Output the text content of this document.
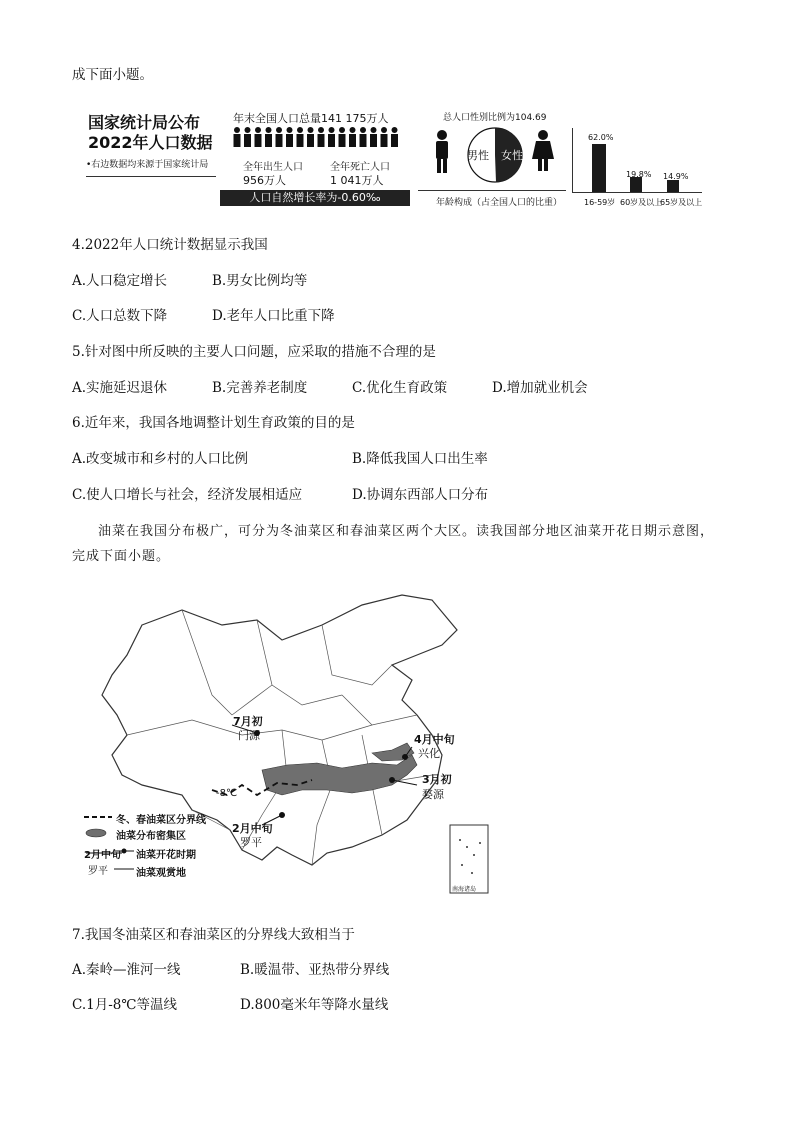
成下面小题。
国家统计局公布
2022年人口数据
•右边数据均来源于国家统计局
年末全国人口总量141 175万人
全年出生人口
956万人
全年死亡人口
1 041万人
人口自然增长率为-0.60‰
总人口性别比例为104.69
男性 女性
年龄构成（占全国人口的比重）	16-59岁 60岁及以上
65岁及以上
62.0%
19.8% 14.9%
4.2022年人口统计数据显示我国
A.人口稳定增长	B.男女比例均等
C.人口总数下降	D.老年人口比重下降
5.针对图中所反映的主要人口问题，应采取的措施不合理的是
A.实施延迟退休	B.完善养老制度	C.优化生育政策	D.增加就业机会
6.近年来，我国各地调整计划生育政策的目的是
A.改变城市和乡村的人口比例	B.降低我国人口出生率
C.使人口增长与社会，经济发展相适应	D.协调东西部人口分布
油菜在我国分布极广，可分为冬油菜区和春油菜区两个大区。读我国部分地区油菜开花日期示意图，
完成下面小题。
7月初
门源	4月中旬
兴化
3月初
婺源
2月中旬
罗平
-8℃
南海诸岛
冬、春油菜区分界线
油菜分布密集区
2月中旬
罗平
油菜开花时期
油菜观赏地
7.我国冬油菜区和春油菜区的分界线大致相当于
A.秦岭—淮河一线	B.暖温带、亚热带分界线
C.1月-8℃等温线	D.800毫米年等降水量线
